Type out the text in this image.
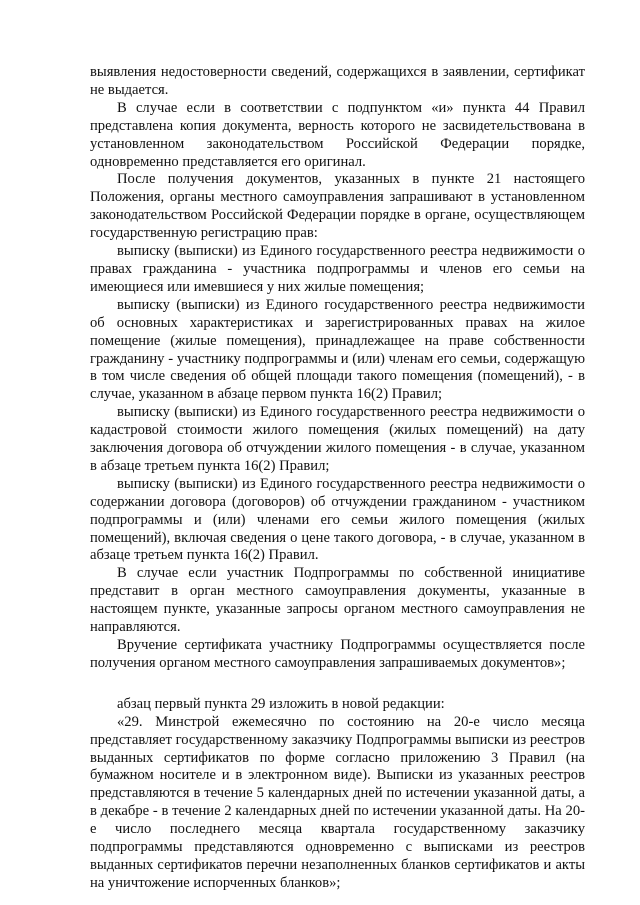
выявления недостоверности сведений, содержащихся в заявлении, сертификат не выдается.

В случае если в соответствии с подпунктом «и» пункта 44 Правил представлена копия документа, верность которого не засвидетельствована в установленном законодательством Российской Федерации порядке, одновременно представляется его оригинал.

После получения документов, указанных в пункте 21 настоящего Положения, органы местного самоуправления запрашивают в установленном законодательством Российской Федерации порядке в органе, осуществляющем государственную регистрацию прав:

выписку (выписки) из Единого государственного реестра недвижимости о правах гражданина - участника подпрограммы и членов его семьи на имеющиеся или имевшиеся у них жилые помещения;

выписку (выписки) из Единого государственного реестра недвижимости об основных характеристиках и зарегистрированных правах на жилое помещение (жилые помещения), принадлежащее на праве собственности гражданину - участнику подпрограммы и (или) членам его семьи, содержащую в том числе сведения об общей площади такого помещения (помещений), - в случае, указанном в абзаце первом пункта 16(2) Правил;

выписку (выписки) из Единого государственного реестра недвижимости о кадастровой стоимости жилого помещения (жилых помещений) на дату заключения договора об отчуждении жилого помещения - в случае, указанном в абзаце третьем пункта 16(2) Правил;

выписку (выписки) из Единого государственного реестра недвижимости о содержании договора (договоров) об отчуждении гражданином - участником подпрограммы и (или) членами его семьи жилого помещения (жилых помещений), включая сведения о цене такого договора, - в случае, указанном в абзаце третьем пункта 16(2) Правил.

В случае если участник Подпрограммы по собственной инициативе представит в орган местного самоуправления документы, указанные в настоящем пункте, указанные запросы органом местного самоуправления не направляются.

Вручение сертификата участнику Подпрограммы осуществляется после получения органом местного самоуправления запрашиваемых документов»;

абзац первый пункта 29 изложить в новой редакции:

«29. Минстрой ежемесячно по состоянию на 20-е число месяца представляет государственному заказчику Подпрограммы выписки из реестров выданных сертификатов по форме согласно приложению 3 Правил (на бумажном носителе и в электронном виде). Выписки из указанных реестров представляются в течение 5 календарных дней по истечении указанной даты, а в декабре - в течение 2 календарных дней по истечении указанной даты. На 20-е число последнего месяца квартала государственному заказчику подпрограммы представляются одновременно с выписками из реестров выданных сертификатов перечни незаполненных бланков сертификатов и акты на уничтожение испорченных бланков»;
